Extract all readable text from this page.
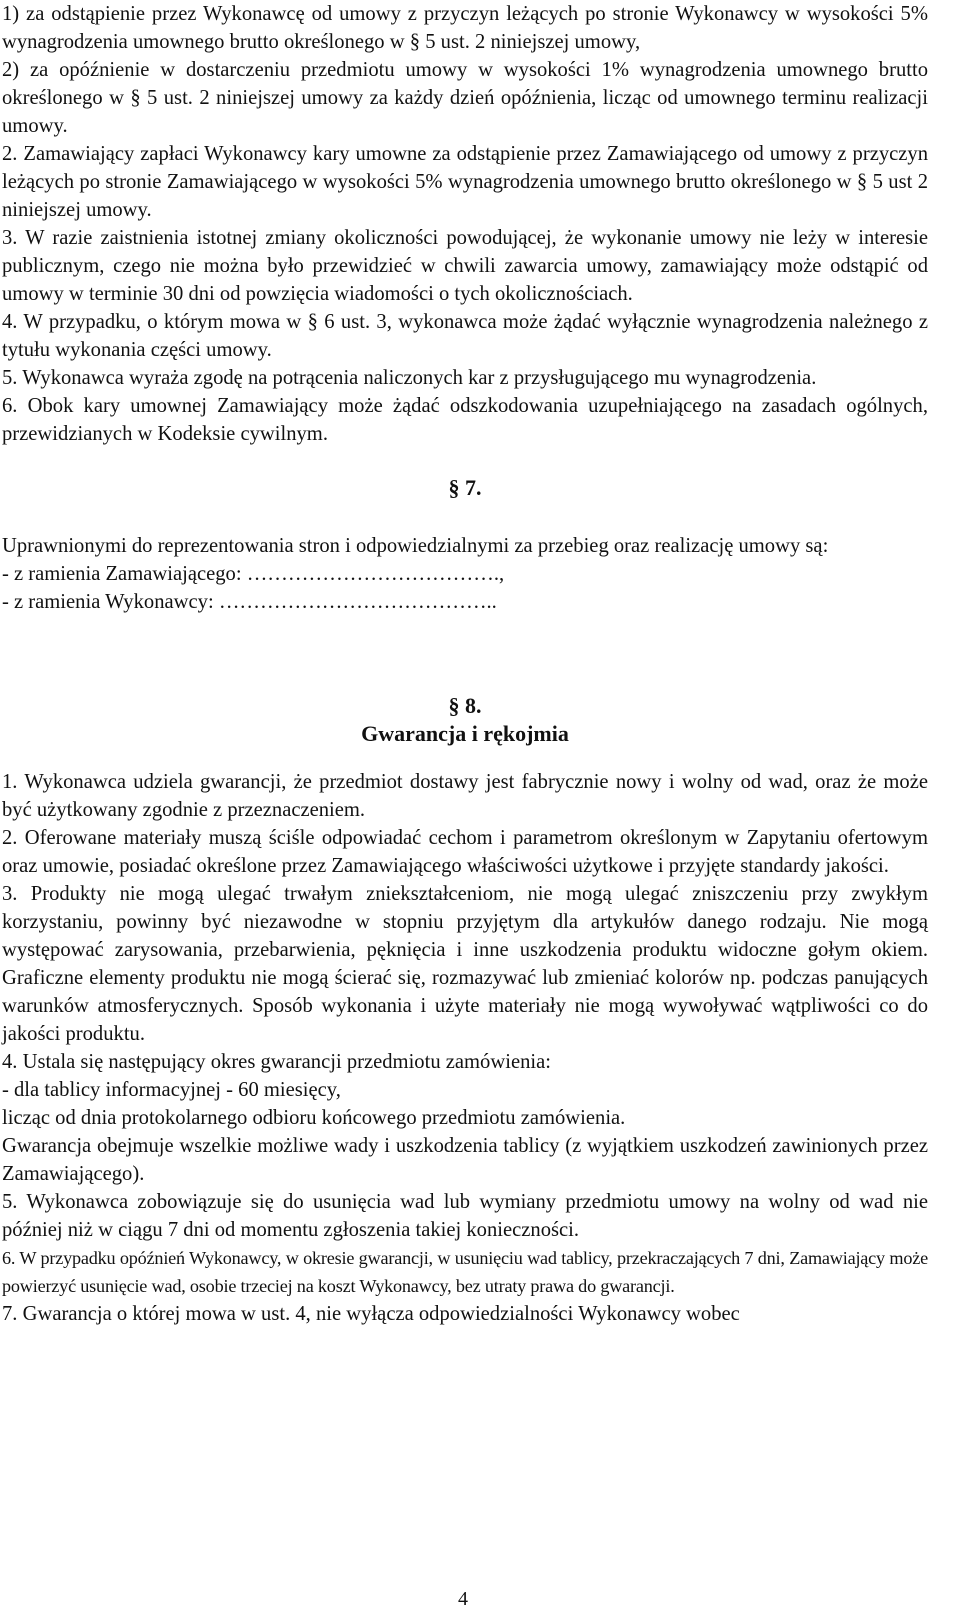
1) za odstąpienie przez Wykonawcę od umowy z przyczyn leżących po stronie Wykonawcy w wysokości 5% wynagrodzenia umownego brutto określonego w § 5 ust. 2 niniejszej umowy,

2) za opóźnienie w dostarczeniu przedmiotu umowy w wysokości 1% wynagrodzenia umownego brutto określonego w § 5 ust. 2 niniejszej umowy za każdy dzień opóźnienia, licząc od umownego terminu realizacji umowy.

2. Zamawiający zapłaci Wykonawcy kary umowne za odstąpienie przez Zamawiającego od umowy z przyczyn leżących po stronie Zamawiającego w wysokości 5% wynagrodzenia umownego brutto określonego w § 5 ust 2 niniejszej umowy.

3. W razie zaistnienia istotnej zmiany okoliczności powodującej, że wykonanie umowy nie leży w interesie publicznym, czego nie można było przewidzieć w chwili zawarcia umowy, zamawiający może odstąpić od umowy w terminie 30 dni od powzięcia wiadomości o tych okolicznościach.

4. W przypadku, o którym mowa w § 6 ust. 3, wykonawca może żądać wyłącznie wynagrodzenia należnego z tytułu wykonania części umowy.

5. Wykonawca wyraża zgodę na potrącenia naliczonych kar z przysługującego mu wynagrodzenia.

6. Obok kary umownej Zamawiający może żądać odszkodowania uzupełniającego na zasadach ogólnych, przewidzianych w Kodeksie cywilnym.

§ 7.

Uprawnionymi do reprezentowania stron i odpowiedzialnymi za przebieg oraz realizację umowy są:

- z ramienia Zamawiającego: ……………………………….,

- z ramienia Wykonawcy: …………………………………..

§ 8.

Gwarancja i rękojmia

1. Wykonawca udziela gwarancji, że przedmiot dostawy jest fabrycznie nowy i wolny od wad, oraz że może być użytkowany zgodnie z przeznaczeniem.

2. Oferowane materiały muszą ściśle odpowiadać cechom i parametrom określonym w Zapytaniu ofertowym oraz umowie, posiadać określone przez Zamawiającego właściwości użytkowe i przyjęte standardy jakości.

3. Produkty nie mogą ulegać trwałym zniekształceniom, nie mogą ulegać zniszczeniu przy zwykłym korzystaniu, powinny być niezawodne w stopniu przyjętym dla artykułów danego rodzaju. Nie mogą występować zarysowania, przebarwienia, pęknięcia i inne uszkodzenia produktu widoczne gołym okiem. Graficzne elementy produktu nie mogą ścierać się, rozmazywać lub zmieniać kolorów np. podczas panujących warunków atmosferycznych. Sposób wykonania i użyte materiały nie mogą wywoływać wątpliwości co do jakości produktu.

4. Ustala się następujący okres gwarancji przedmiotu zamówienia:

- dla tablicy informacyjnej - 60 miesięcy,

licząc od dnia protokolarnego odbioru końcowego przedmiotu zamówienia.

Gwarancja obejmuje wszelkie możliwe wady i uszkodzenia tablicy (z wyjątkiem uszkodzeń zawinionych przez Zamawiającego).

5. Wykonawca zobowiązuje się do usunięcia wad lub wymiany przedmiotu umowy na wolny od wad nie później niż w ciągu 7 dni od momentu zgłoszenia takiej konieczności.

6. W przypadku opóźnień Wykonawcy, w okresie gwarancji, w usunięciu wad tablicy, przekraczających 7 dni, Zamawiający może powierzyć usunięcie wad, osobie trzeciej na koszt Wykonawcy, bez utraty prawa do gwarancji.

7. Gwarancja o której mowa w ust. 4, nie wyłącza odpowiedzialności Wykonawcy wobec

4
